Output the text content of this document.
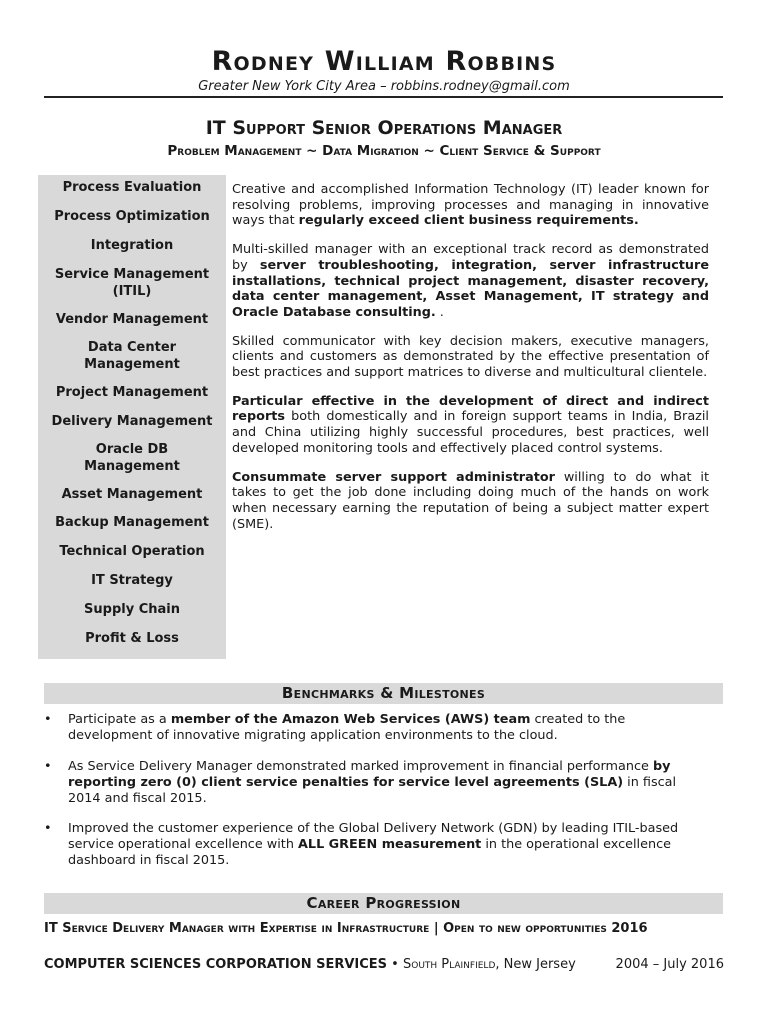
Rodney William Robbins
Greater New York City Area – robbins.rodney@gmail.com
IT Support Senior Operations Manager
Problem Management ~ Data Migration ~ Client Service & Support
Process Evaluation
Process Optimization
Integration
Service Management (ITIL)
Vendor Management
Data Center Management
Project Management
Delivery Management
Oracle DB Management
Asset Management
Backup Management
Technical Operation
IT Strategy
Supply Chain
Profit & Loss

Creative and accomplished Information Technology (IT) leader known for resolving problems, improving processes and managing in innovative ways that regularly exceed client business requirements.

Multi-skilled manager with an exceptional track record as demonstrated by server troubleshooting, integration, server infrastructure installations, technical project management, disaster recovery, data center management, Asset Management, IT strategy and Oracle Database consulting. .

Skilled communicator with key decision makers, executive managers, clients and customers as demonstrated by the effective presentation of best practices and support matrices to diverse and multicultural clientele.

Particular effective in the development of direct and indirect reports both domestically and in foreign support teams in India, Brazil and China utilizing highly successful procedures, best practices, well developed monitoring tools and effectively placed control systems.

Consummate server support administrator willing to do what it takes to get the job done including doing much of the hands on work when necessary earning the reputation of being a subject matter expert (SME).

Benchmarks & Milestones
•	Participate as a member of the Amazon Web Services (AWS) team created to the development of innovative migrating application environments to the cloud.
•	As Service Delivery Manager demonstrated marked improvement in financial performance by reporting zero (0) client service penalties for service level agreements (SLA) in fiscal 2014 and fiscal 2015.
•	Improved the customer experience of the Global Delivery Network (GDN) by leading ITIL-based service operational excellence with ALL GREEN measurement in the operational excellence dashboard in fiscal 2015.
Career Progression
IT Service Delivery Manager with Expertise in Infrastructure | Open to new opportunities 2016
COMPUTER SCIENCES CORPORATION SERVICES • South Plainfield, New Jersey	2004 – July 2016
